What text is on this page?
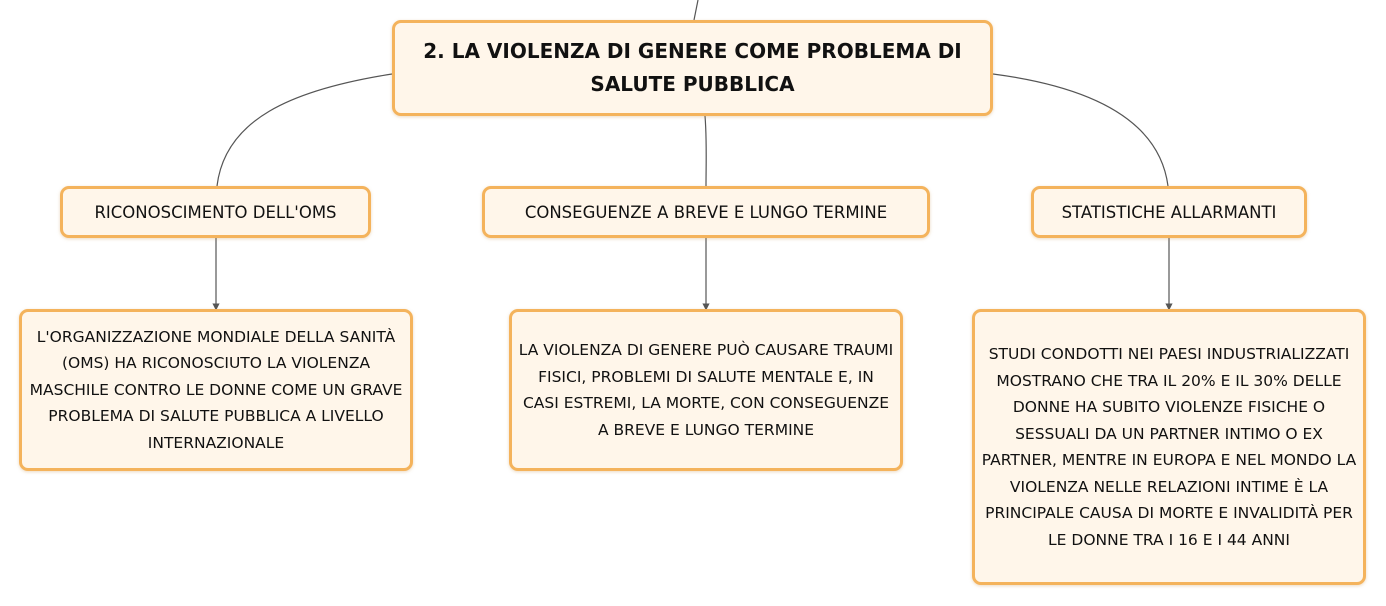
2. LA VIOLENZA DI GENERE COME PROBLEMA DI SALUTE PUBBLICA
RICONOSCIMENTO DELL'OMS	CONSEGUENZE A BREVE E LUNGO TERMINE	STATISTICHE ALLARMANTI
L'ORGANIZZAZIONE MONDIALE DELLA SANITÀ (OMS) HA RICONOSCIUTO LA VIOLENZA MASCHILE CONTRO LE DONNE COME UN GRAVE PROBLEMA DI SALUTE PUBBLICA A LIVELLO INTERNAZIONALE
LA VIOLENZA DI GENERE PUÒ CAUSARE TRAUMI FISICI, PROBLEMI DI SALUTE MENTALE E, IN CASI ESTREMI, LA MORTE, CON CONSEGUENZE A BREVE E LUNGO TERMINE
STUDI CONDOTTI NEI PAESI INDUSTRIALIZZATI MOSTRANO CHE TRA IL 20% E IL 30% DELLE DONNE HA SUBITO VIOLENZE FISICHE O SESSUALI DA UN PARTNER INTIMO O EX PARTNER, MENTRE IN EUROPA E NEL MONDO LA VIOLENZA NELLE RELAZIONI INTIME È LA PRINCIPALE CAUSA DI MORTE E INVALIDITÀ PER LE DONNE TRA I 16 E I 44 ANNI
